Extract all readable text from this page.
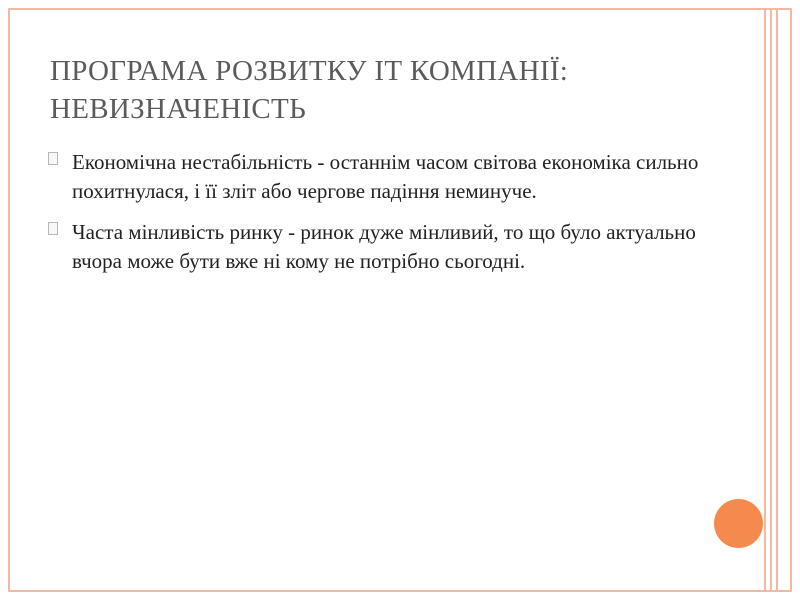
ПРОГРАМА РОЗВИТКУ ІТ КОМПАНІЇ:
НЕВИЗНАЧЕНІСТЬ
Економічна нестабільність - останнім часом світова економіка сильно похитнулася, і її зліт або чергове падіння неминуче.
Часта мінливість ринку - ринок дуже мінливий, то що було актуально вчора може бути вже ні кому не потрібно сьогодні.
